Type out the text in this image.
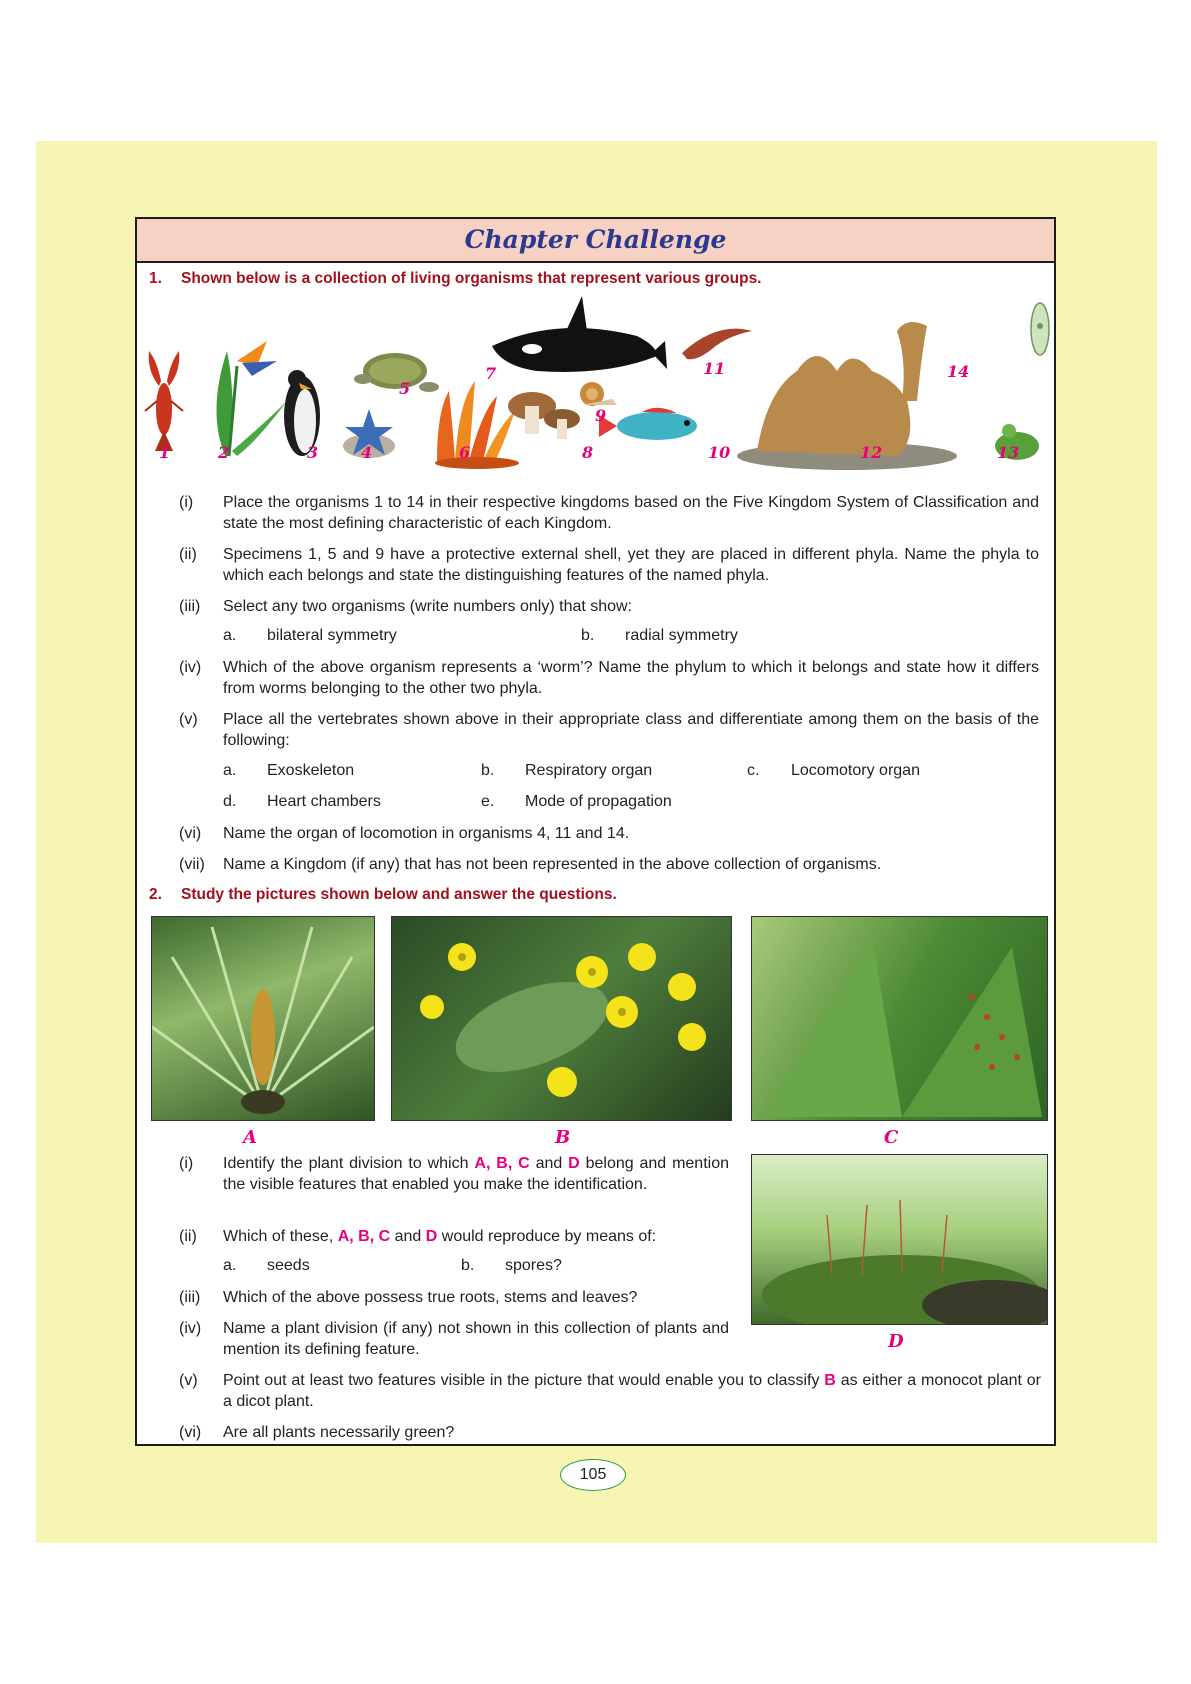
Chapter Challenge
1. Shown below is a collection of living organisms that represent various groups.
7
5
9
11	14
1	2	3	4	6	8	10	12	13
(i) Place the organisms 1 to 14 in their respective kingdoms based on the Five Kingdom System of Classification and state the most defining characteristic of each Kingdom.
(ii) Specimens 1, 5 and 9 have a protective external shell, yet they are placed in different phyla. Name the phyla to which each belongs and state the distinguishing features of the named phyla.
(iii) Select any two organisms (write numbers only) that show:
a. bilateral symmetry	b. radial symmetry
(iv) Which of the above organism represents a ‘worm’? Name the phylum to which it belongs and state how it differs from worms belonging to the other two phyla.
(v) Place all the vertebrates shown above in their appropriate class and differentiate among them on the basis of the following:
a. Exoskeleton	b. Respiratory organ	c. Locomotory organ
d. Heart chambers	e. Mode of propagation
(vi) Name the organ of locomotion in organisms 4, 11 and 14.
(vii) Name a Kingdom (if any) that has not been represented in the above collection of organisms.
2. Study the pictures shown below and answer the questions.
A	B	C
D
(i) Identify the plant division to which A, B, C and D belong and mention the visible features that enabled you make the identification.
(ii) Which of these, A, B, C and D would reproduce by means of:
a. seeds	b. spores?
(iii) Which of the above possess true roots, stems and leaves?
(iv) Name a plant division (if any) not shown in this collection of plants and mention its defining feature.
(v) Point out at least two features visible in the picture that would enable you to classify B as either a monocot plant or a dicot plant.
(vi) Are all plants necessarily green?
105
